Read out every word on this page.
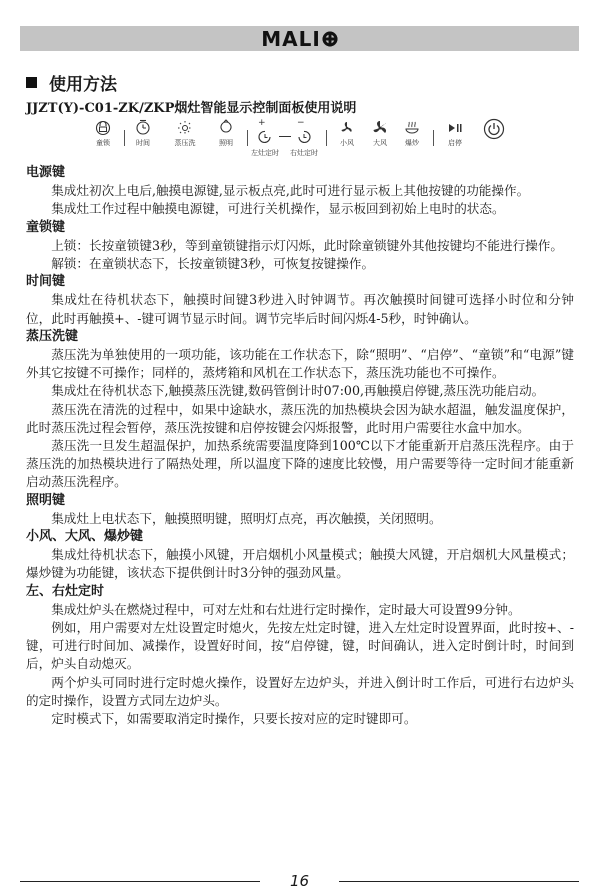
MALI
使用方法
JJZT(Y)-C01-ZK/ZKP烟灶智能显示控制面板使用说明
童锁	时间	蒸压洗	照明
+
左灶定时
−
右灶定时
小风	大风	爆炒	启停
电源键

集成灶初次上电后,触摸电源键,显示板点亮,此时可进行显示板上其他按键的功能操作。

集成灶工作过程中触摸电源键，可进行关机操作，显示板回到初始上电时的状态。

童锁键

上锁：长按童锁键3秒，等到童锁键指示灯闪烁，此时除童锁键外其他按键均不能进行操作。

解锁：在童锁状态下，长按童锁键3秒，可恢复按键操作。

时间键

集成灶在待机状态下，触摸时间键3秒进入时钟调节。再次触摸时间键可选择小时位和分钟位，此时再触摸+、-键可调节显示时间。调节完毕后时间闪烁4-5秒，时钟确认。

蒸压洗键

蒸压洗为单独使用的一项功能，该功能在工作状态下，除“照明”、“启停”、“童锁”和“电源”键外其它按键不可操作；同样的，蒸烤箱和风机在工作状态下，蒸压洗功能也不可操作。

集成灶在待机状态下,触摸蒸压洗键,数码管倒计时07:00,再触摸启停键,蒸压洗功能启动。

蒸压洗在清洗的过程中，如果中途缺水，蒸压洗的加热模块会因为缺水超温，触发温度保护，此时蒸压洗过程会暂停，蒸压洗按键和启停按键会闪烁报警，此时用户需要往水盒中加水。

蒸压洗一旦发生超温保护，加热系统需要温度降到100℃以下才能重新开启蒸压洗程序。由于蒸压洗的加热模块进行了隔热处理，所以温度下降的速度比较慢，用户需要等待一定时间才能重新启动蒸压洗程序。

照明键

集成灶上电状态下，触摸照明键，照明灯点亮，再次触摸，关闭照明。

小风、大风、爆炒键

集成灶待机状态下，触摸小风键，开启烟机小风量模式；触摸大风键，开启烟机大风量模式；爆炒键为功能键，该状态下提供倒计时3分钟的强劲风量。

左、右灶定时

集成灶炉头在燃烧过程中，可对左灶和右灶进行定时操作，定时最大可设置99分钟。

例如，用户需要对左灶设置定时熄火，先按左灶定时键，进入左灶定时设置界面，此时按+、-键，可进行时间加、减操作，设置好时间，按“启停键，键，时间确认，进入定时倒计时，时间到后，炉头自动熄灭。

两个炉头可同时进行定时熄火操作，设置好左边炉头，并进入倒计时工作后，可进行右边炉头的定时操作，设置方式同左边炉头。

定时模式下，如需要取消定时操作，只要长按对应的定时键即可。

16
